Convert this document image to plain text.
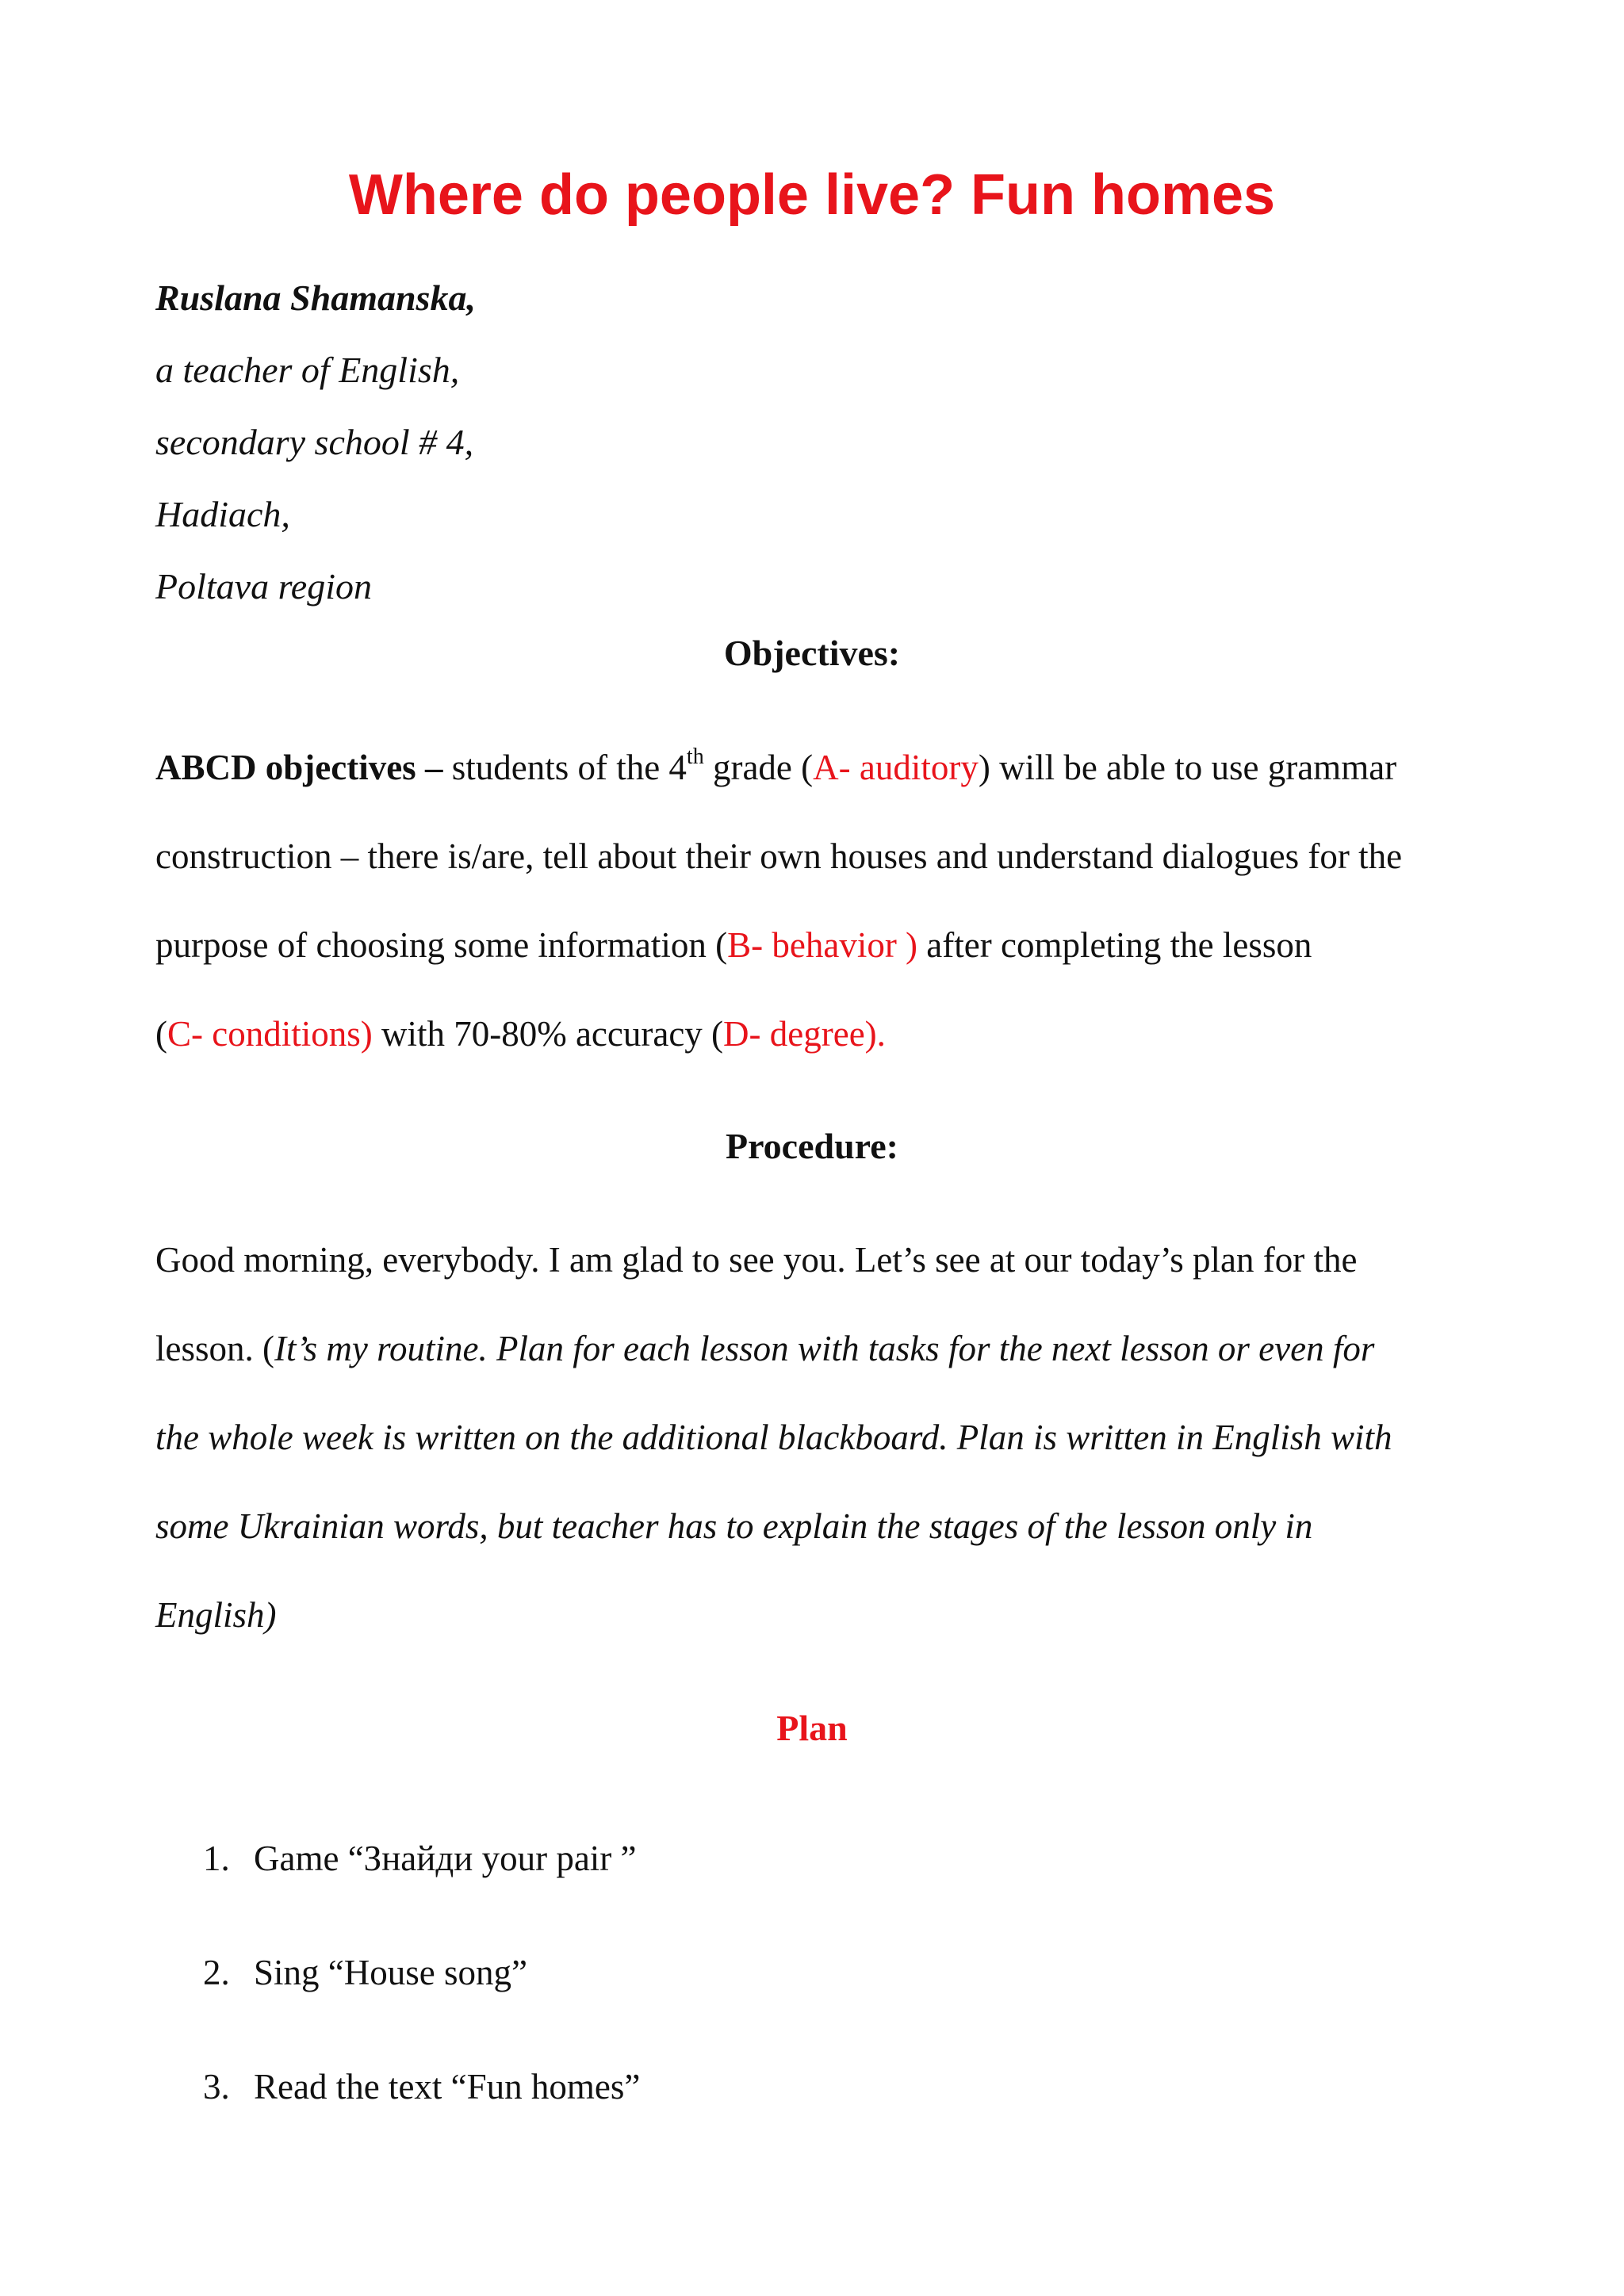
Where do people live? Fun homes
Ruslana Shamanska,
a teacher of English,
secondary school # 4,
Hadiach,
Poltava region
Objectives:

ABCD objectives – students of the 4th grade (A- auditory) will be able to use grammar
construction – there is/are, tell about their own houses and understand dialogues for the
purpose of choosing some information (B- behavior ) after completing the lesson
(C- conditions) with 70-80% accuracy (D- degree).

Procedure:

Good morning, everybody. I am glad to see you. Let’s see at our today’s plan for the
lesson. (It’s my routine. Plan for each lesson with tasks for the next lesson or even for
the whole week is written on the additional blackboard. Plan is written in English with
some Ukrainian words, but teacher has to explain the stages of the lesson only in
English)

Plan
1. Game “Знайди your pair ”
2. Sing “House song”
3. Read the text “Fun homes”
